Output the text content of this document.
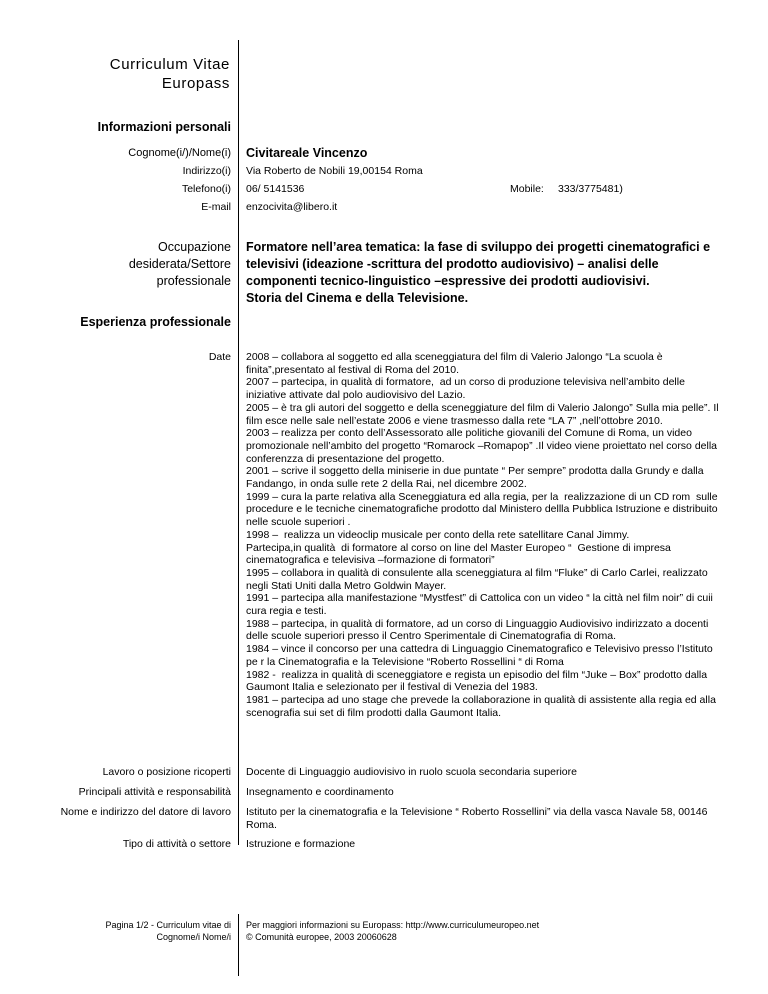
Curriculum Vitae
Europass
Informazioni personali
Cognome(i/)/Nome(i) Civitareale Vincenzo
Indirizzo(i) Via Roberto de Nobili 19,00154 Roma
Telefono(i) 06/ 5141536	Mobile: 333/3775481)
E-mail enzocivita@libero.it
Occupazione
desiderata/Settore
professionale
Formatore nell’area tematica: la fase di sviluppo dei progetti cinematografici e
televisivi (ideazione -scrittura del prodotto audiovisivo) – analisi delle
componenti tecnico-linguistico –espressive dei prodotti audiovisivi.
Storia del Cinema e della Televisione.
Esperienza professionale
Date 2008 – collabora al soggetto ed alla sceneggiatura del film di Valerio Jalongo “La scuola è
finita”,presentato al festival di Roma del 2010.
2007 – partecipa, in qualità di formatore,  ad un corso di produzione televisiva nell’ambito delle
iniziative attivate dal polo audiovisivo del Lazio.
2005 – è tra gli autori del soggetto e della sceneggiature del film di Valerio Jalongo” Sulla mia pelle”. Il
film esce nelle sale nell’estate 2006 e viene trasmesso dalla rete “LA 7” ,nell’ottobre 2010.
2003 – realizza per conto dell’Assessorato alle politiche giovanili del Comune di Roma, un video
promozionale nell’ambito del progetto “Romarock –Romapop” .Il video viene proiettato nel corso della
conferenzza di presentazione del progetto.
2001 – scrive il soggetto della miniserie in due puntate “ Per sempre” prodotta dalla Grundy e dalla
Fandango, in onda sulle rete 2 della Rai, nel dicembre 2002.
1999 – cura la parte relativa alla Sceneggiatura ed alla regia, per la  realizzazione di un CD rom  sulle
procedure e le tecniche cinematografiche prodotto dal Ministero dellla Pubblica Istruzione e distribuito
nelle scuole superiori .
1998 –  realizza un videoclip musicale per conto della rete satellitare Canal Jimmy.
Partecipa,in qualità  di formatore al corso on line del Master Europeo “  Gestione di impresa
cinematografica e televisiva –formazione di formatori”
1995 – collabora in qualità di consulente alla sceneggiatura al film “Fluke” di Carlo Carlei, realizzato
negli Stati Uniti dalla Metro Goldwin Mayer.
1991 – partecipa alla manifestazione “Mystfest” di Cattolica con un video “ la città nel film noir” di cuii
cura regia e testi.
1988 – partecipa, in qualità di formatore, ad un corso di Linguaggio Audiovisivo indirizzato a docenti
delle scuole superiori presso il Centro Sperimentale di Cinematografia di Roma.
1984 – vince il concorso per una cattedra di Linguaggio Cinematografico e Televisivo presso l’Istituto
pe r la Cinematografia e la Televisione “Roberto Rossellini “ di Roma
1982 -  realizza in qualità di sceneggiatore e regista un episodio del film “Juke – Box” prodotto dalla
Gaumont Italia e selezionato per il festival di Venezia del 1983.
1981 – partecipa ad uno stage che prevede la collaborazione in qualità di assistente alla regia ed alla
scenografia sui set di film prodotti dalla Gaumont Italia.
Lavoro o posizione ricoperti Docente di Linguaggio audiovisivo in ruolo scuola secondaria superiore
Principali attività e responsabilità Insegnamento e coordinamento
Nome e indirizzo del datore di lavoro Istituto per la cinematografia e la Televisione “ Roberto Rossellini” via della vasca Navale 58, 00146
Roma.
Tipo di attività o settore Istruzione e formazione
Pagina 1/2 - Curriculum vitae di
Cognome/i Nome/i
Per maggiori informazioni su Europass: http://www.curriculumeuropeo.net
© Comunità europee, 2003 20060628
